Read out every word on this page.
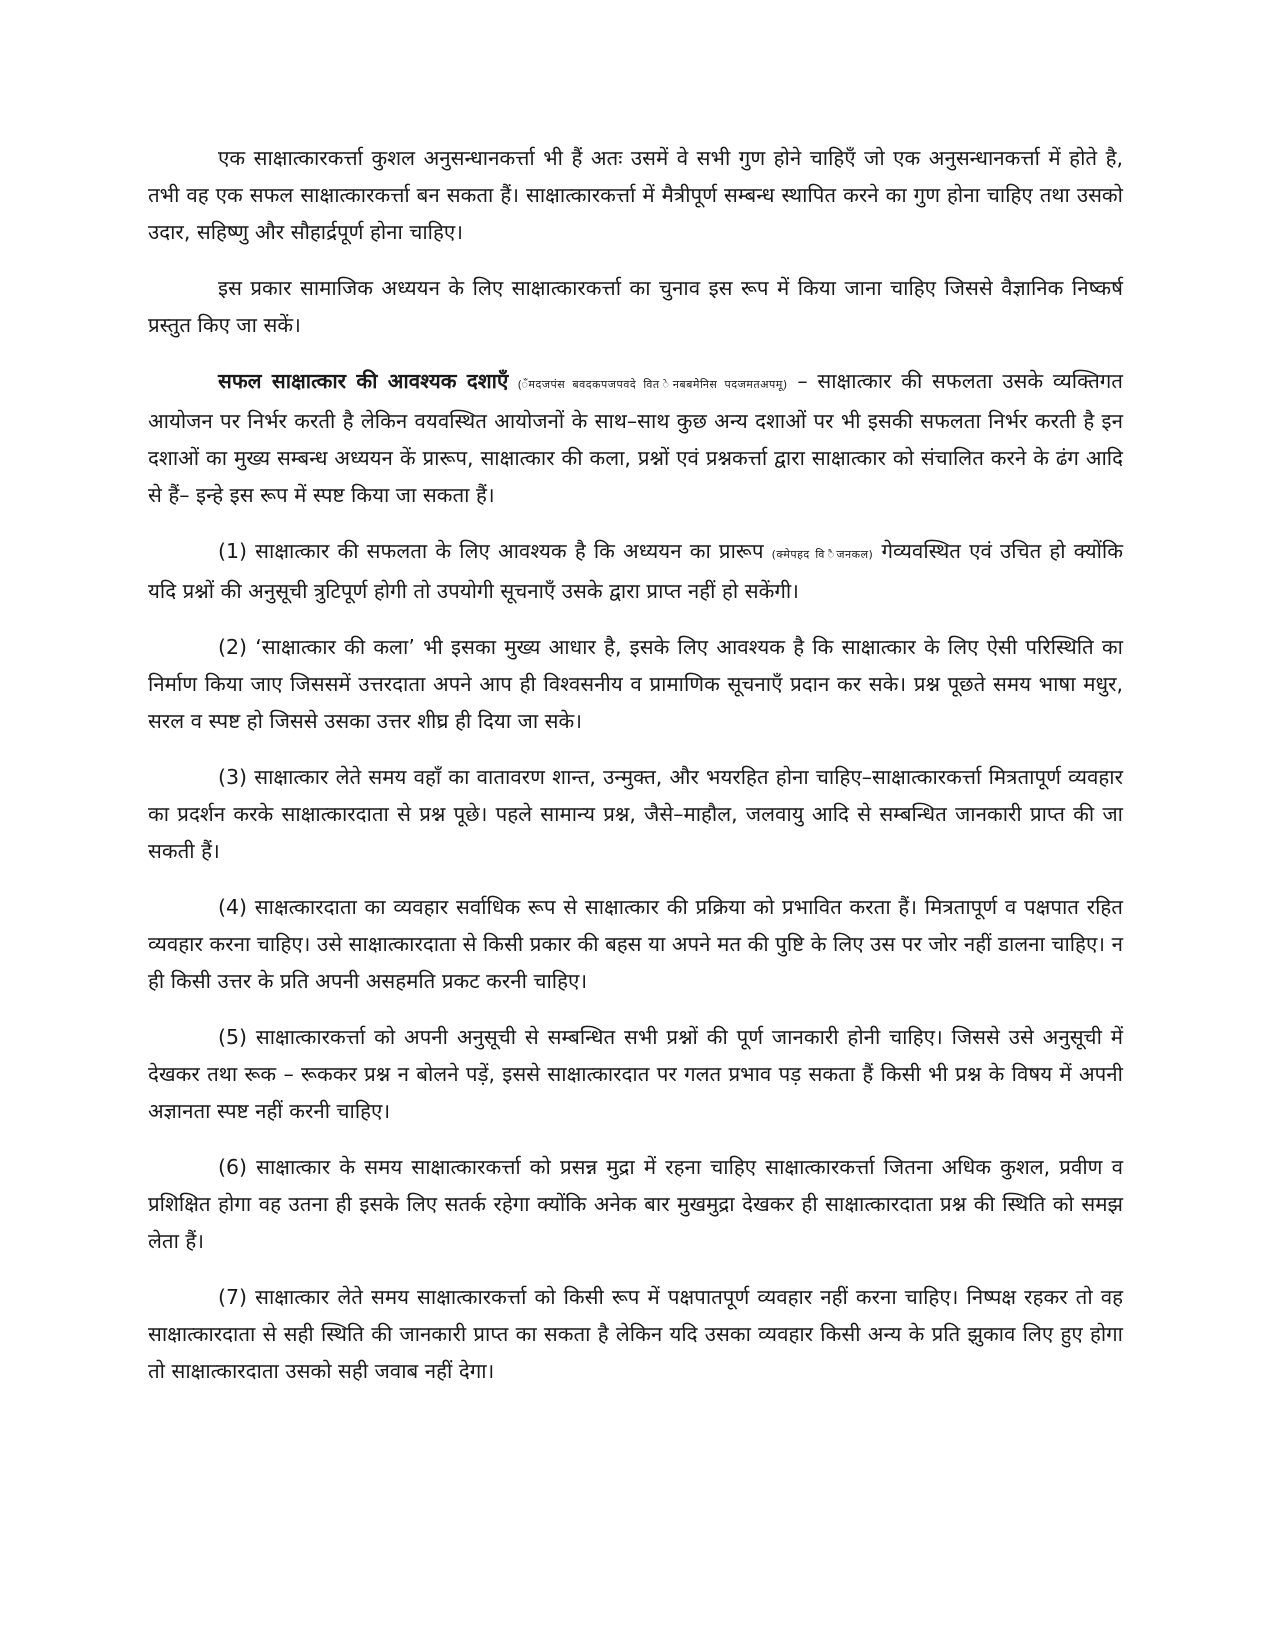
एक साक्षात्कारकर्त्ता कुशल अनुसन्धानकर्त्ता भी हैं अतः उसमें वे सभी गुण होने चाहिएँ जो एक अनुसन्धानकर्त्ता में होते है, तभी वह एक सफल साक्षात्कारकर्त्ता बन सकता हैं। साक्षात्कारकर्त्ता में मैत्रीपूर्ण सम्बन्ध स्थापित करने का गुण होना चाहिए तथा उसको उदार, सहिष्णु और सौहार्द्रपूर्ण होना चाहिए।

इस प्रकार सामाजिक अध्ययन के लिए साक्षात्कारकर्त्ता का चुनाव इस रूप में किया जाना चाहिए जिससे वैज्ञानिक निष्कर्ष प्रस्तुत किए जा सकें।

सफल साक्षात्कार की आवश्यक दशाएँ (ँमदजपंस बवदकपजपवदे वित ेनबबमेेनिस पदजमतअपमू) – साक्षात्कार की सफलता उसके व्यक्तिगत आयोजन पर निर्भर करती है लेकिन वयवस्थित आयोजनों के साथ–साथ कुछ अन्य दशाओं पर भी इसकी सफलता निर्भर करती है इन दशाओं का मुख्य सम्बन्ध अध्ययन कें प्रारूप, साक्षात्कार की कला, प्रश्नों एवं प्रश्नकर्त्ता द्वारा साक्षात्कार को संचालित करने के ढंग आदि से हैं– इन्हे इस रूप में स्पष्ट किया जा सकता हैं।

(1) साक्षात्कार की सफलता के लिए आवश्यक है कि अध्ययन का प्रारूप (क्मेपहद वि ैजनकल) गेव्यवस्थित एवं उचित हो क्योंकि यदि प्रश्नों की अनुसूची त्रुटिपूर्ण होगी तो उपयोगी सूचनाएँ उसके द्वारा प्राप्त नहीं हो सकेंगी।

(2) ‘साक्षात्कार की कला’ भी इसका मुख्य आधार है, इसके लिए आवश्यक है कि साक्षात्कार के लिए ऐसी परिस्थिति का निर्माण किया जाए जिससमें उत्तरदाता अपने आप ही विश्वसनीय व प्रामाणिक सूचनाएँ प्रदान कर सके। प्रश्न पूछते समय भाषा मधुर, सरल व स्पष्ट हो जिससे उसका उत्तर शीघ्र ही दिया जा सके।

(3) साक्षात्कार लेते समय वहाँ का वातावरण शान्त, उन्मुक्त, और भयरहित होना चाहिए–साक्षात्कारकर्त्ता मित्रतापूर्ण व्यवहार का प्रदर्शन करके साक्षात्कारदाता से प्रश्न पूछे। पहले सामान्य प्रश्न, जैसे–माहौल, जलवायु आदि से सम्बन्धित जानकारी प्राप्त की जा सकती हैं।

(4) साक्षत्कारदाता का व्यवहार सर्वाधिक रूप से साक्षात्कार की प्रक्रिया को प्रभावित करता हैं। मित्रतापूर्ण व पक्षपात रहित व्यवहार करना चाहिए। उसे साक्षात्कारदाता से किसी प्रकार की बहस या अपने मत की पुष्टि के लिए उस पर जोर नहीं डालना चाहिए। न ही किसी उत्तर के प्रति अपनी असहमति प्रकट करनी चाहिए।

(5) साक्षात्कारकर्त्ता को अपनी अनुसूची से सम्बन्धित सभी प्रश्नों की पूर्ण जानकारी होनी चाहिए। जिससे उसे अनुसूची में देखकर तथा रूक – रूककर प्रश्न न बोलने पड़ें, इससे साक्षात्कारदात पर गलत प्रभाव पड़ सकता हैं किसी भी प्रश्न के विषय में अपनी अज्ञानता स्पष्ट नहीं करनी चाहिए।

(6) साक्षात्कार के समय साक्षात्कारकर्त्ता को प्रसन्न मुद्रा में रहना चाहिए साक्षात्कारकर्त्ता जितना अधिक कुशल, प्रवीण व प्रशिक्षित होगा वह उतना ही इसके लिए सतर्क रहेगा क्योंकि अनेक बार मुखमुद्रा देखकर ही साक्षात्कारदाता प्रश्न की स्थिति को समझ लेता हैं।

(7) साक्षात्कार लेते समय साक्षात्कारकर्त्ता को किसी रूप में पक्षपातपूर्ण व्यवहार नहीं करना चाहिए। निष्पक्ष रहकर तो वह साक्षात्कारदाता से सही स्थिति की जानकारी प्राप्त का सकता है लेकिन यदि उसका व्यवहार किसी अन्य के प्रति झुकाव लिए हुए होगा तो साक्षात्कारदाता उसको सही जवाब नहीं देगा।
